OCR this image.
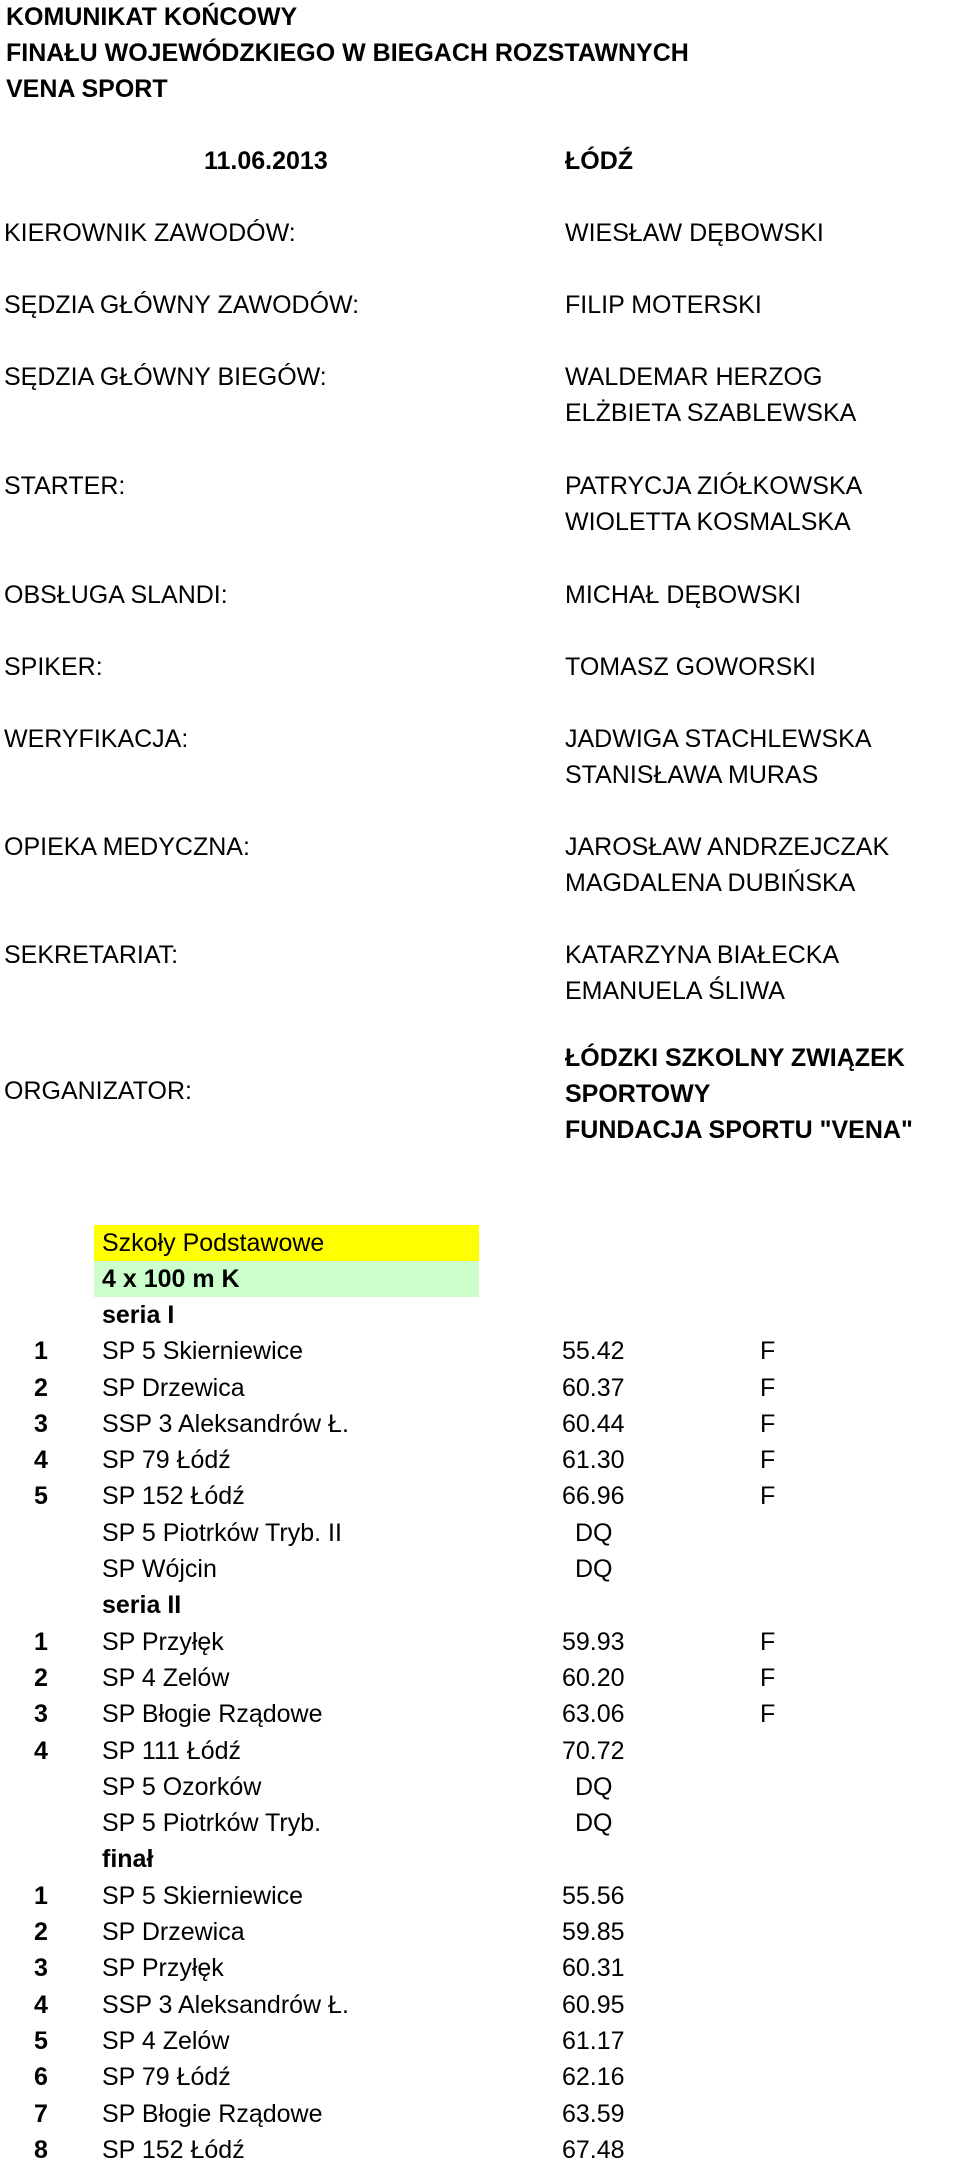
KOMUNIKAT KOŃCOWY
FINAŁU WOJEWÓDZKIEGO W BIEGACH ROZSTAWNYCH
VENA SPORT
11.06.2013	ŁÓDŹ
KIEROWNIK ZAWODÓW:	WIESŁAW DĘBOWSKI
SĘDZIA GŁÓWNY ZAWODÓW:	FILIP MOTERSKI
SĘDZIA GŁÓWNY BIEGÓW:	WALDEMAR HERZOG
ELŻBIETA SZABLEWSKA
STARTER:	PATRYCJA ZIÓŁKOWSKA
WIOLETTA KOSMALSKA
OBSŁUGA SLANDI:	MICHAŁ DĘBOWSKI
SPIKER:	TOMASZ GOWORSKI
WERYFIKACJA:	JADWIGA STACHLEWSKA
STANISŁAWA MURAS
OPIEKA MEDYCZNA:	JAROSŁAW ANDRZEJCZAK
MAGDALENA DUBIŃSKA
SEKRETARIAT:	KATARZYNA BIAŁECKA
EMANUELA ŚLIWA
ORGANIZATOR:
ŁÓDZKI SZKOLNY ZWIĄZEK
SPORTOWY
FUNDACJA SPORTU "VENA"
Szkoły Podstawowe
4 x 100 m K
seria I
1 SP 5 Skierniewice	55.42	F
2 SP Drzewica	60.37	F
3 SSP 3 Aleksandrów Ł.	60.44	F
4 SP 79 Łódź	61.30	F
5 SP 152 Łódź	66.96	F
SP 5 Piotrków Tryb. II	DQ
SP Wójcin	DQ
seria II
1 SP Przyłęk	59.93	F
2 SP 4 Zelów	60.20	F
3 SP Błogie Rządowe	63.06	F
4 SP 111 Łódź	70.72
SP 5 Ozorków	DQ
SP 5 Piotrków Tryb.	DQ
finał
1 SP 5 Skierniewice	55.56
2 SP Drzewica	59.85
3 SP Przyłęk	60.31
4 SSP 3 Aleksandrów Ł.	60.95
5 SP 4 Zelów	61.17
6 SP 79 Łódź	62.16
7 SP Błogie Rządowe	63.59
8 SP 152 Łódź	67.48
